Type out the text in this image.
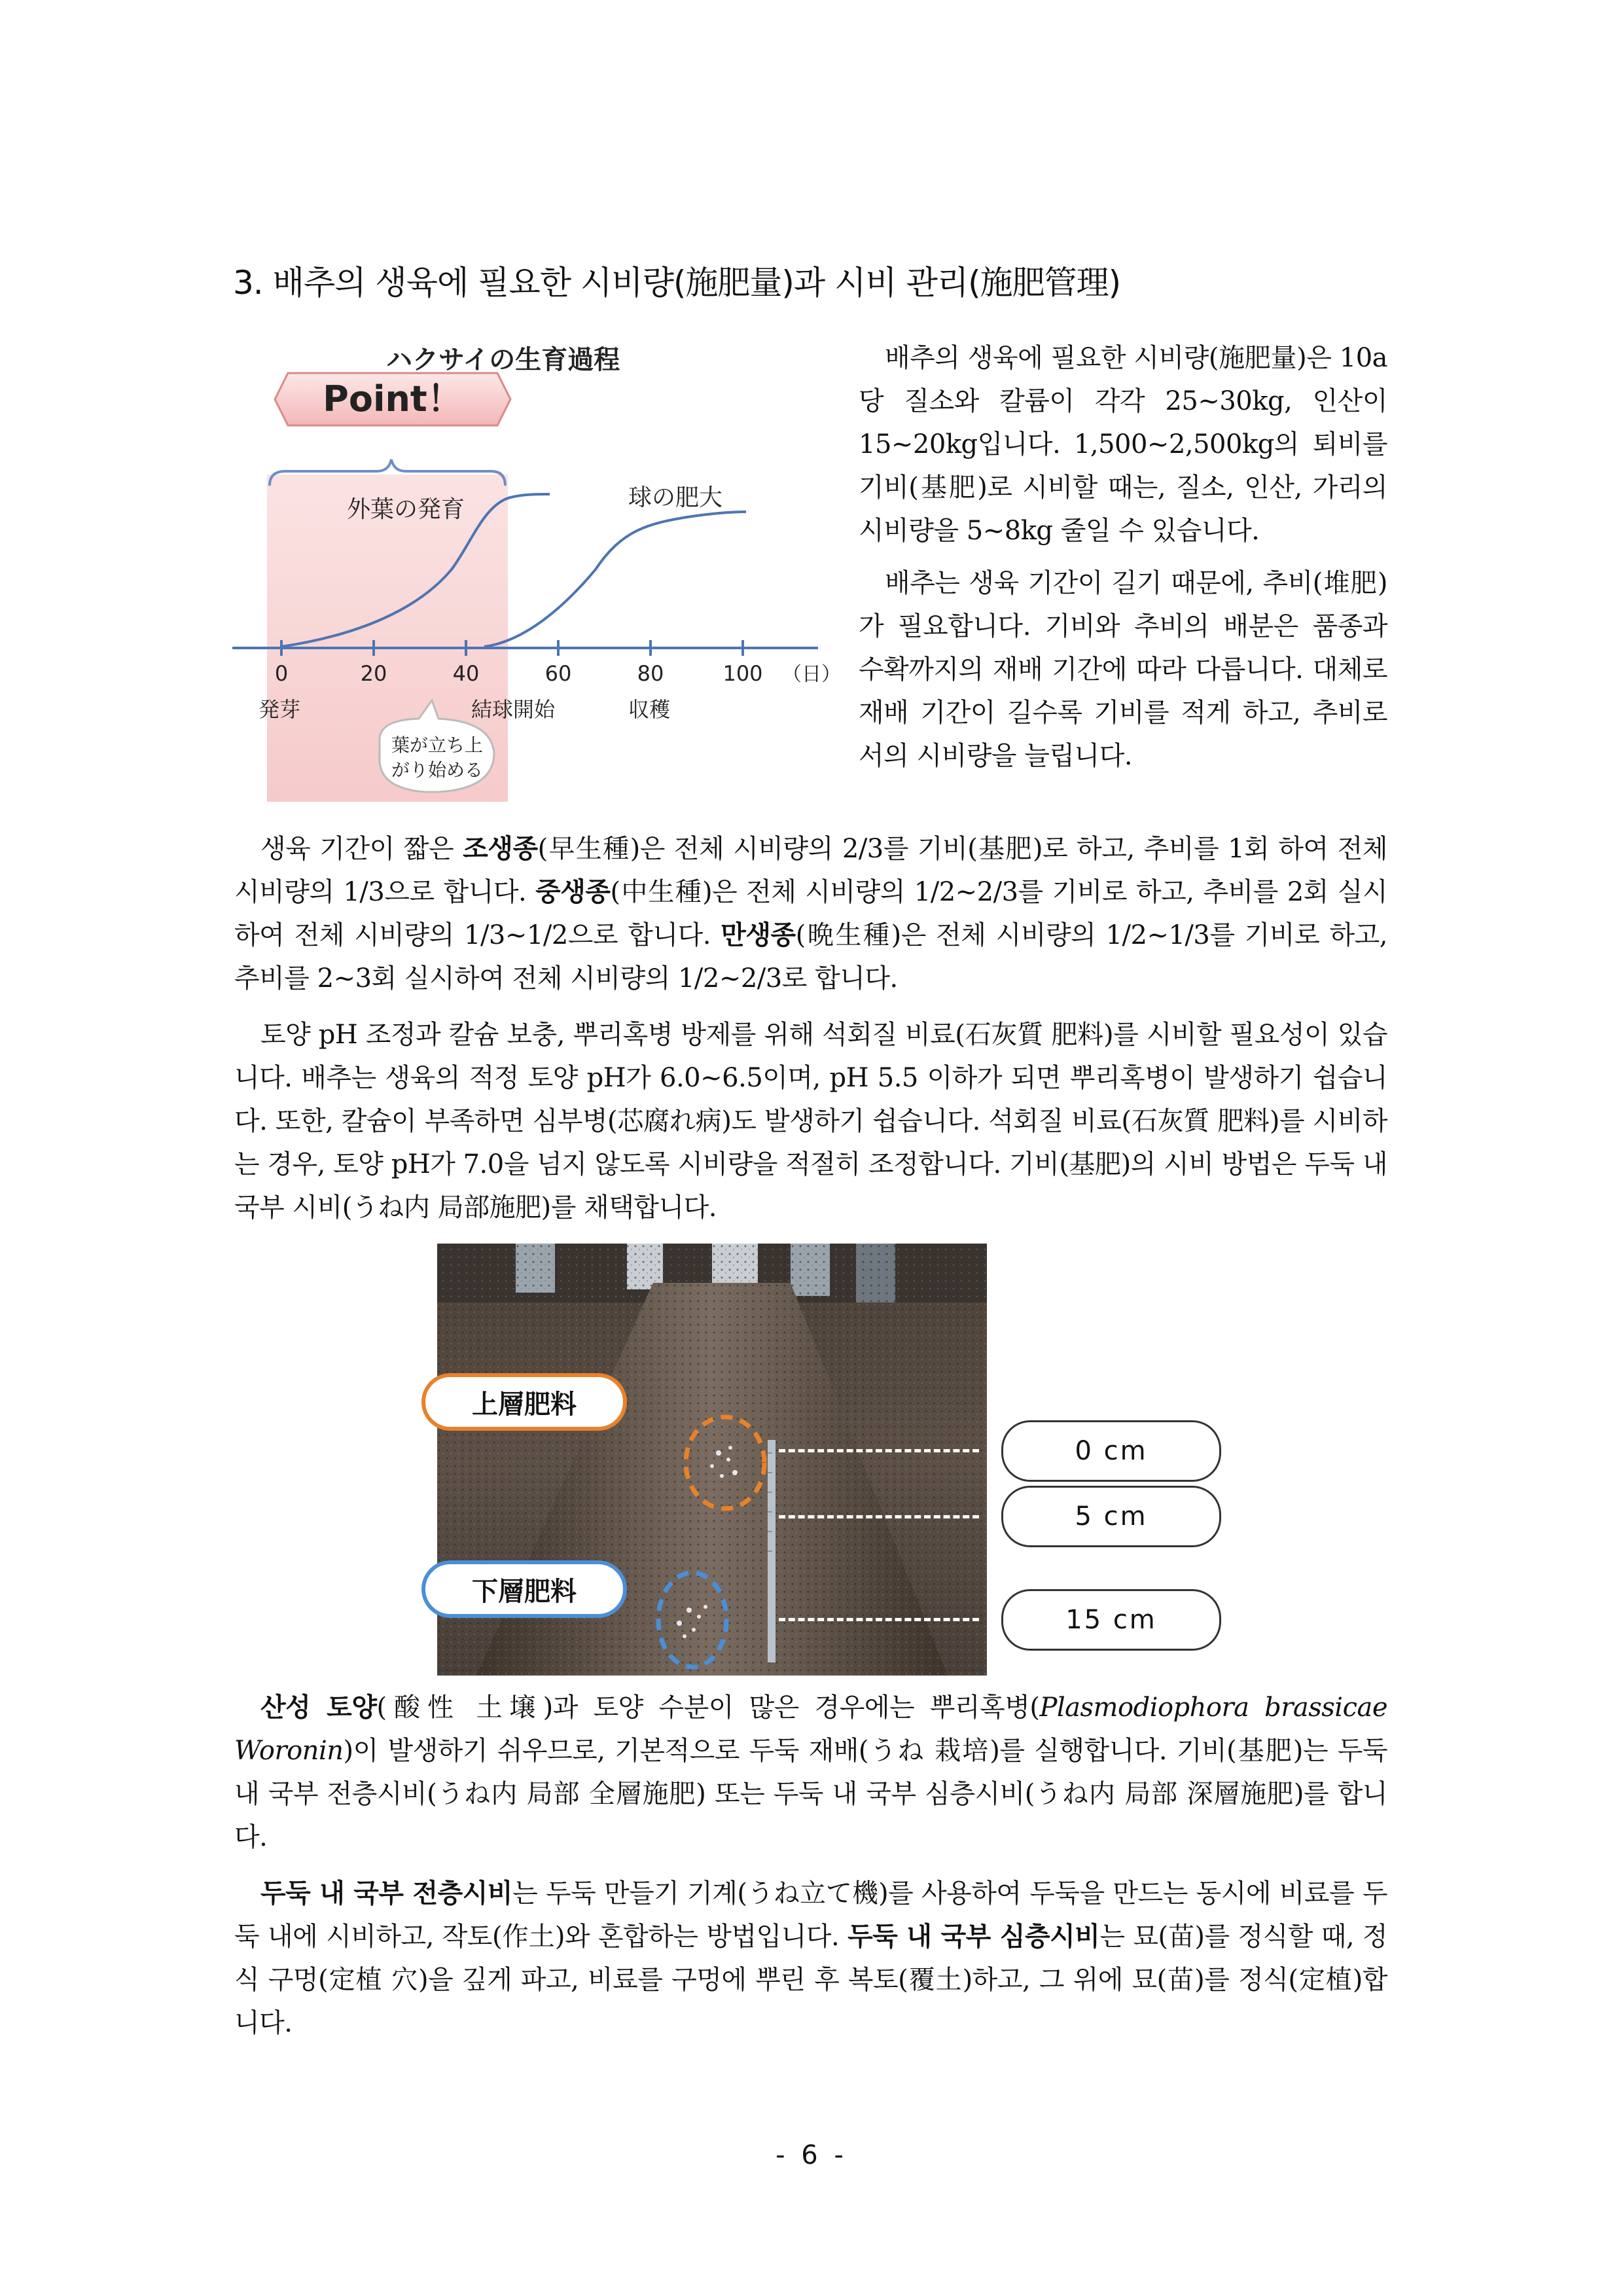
3. 배추의 생육에 필요한 시비량(施肥量)과 시비 관리(施肥管理)
Point！
外葉の発育	球の肥大
0	20	40	60	80	100 （日）
発芽	結球開始	収穫
葉が立ち上
がり始める
ハクサイの生育過程	배추의 생육에 필요한 시비량(施肥量)은 10a당 질소와 칼륨이 각각 25~30kg, 인산이 15~20kg입니다. 1,500~2,500kg의 퇴비를 기비(基肥)로 시비할 때는, 질소, 인산, 가리의 시비량을 5~8kg 줄일 수 있습니다.

배추는 생육 기간이 길기 때문에, 추비(堆肥)가 필요합니다. 기비와 추비의 배분은 품종과 수확까지의 재배 기간에 따라 다릅니다. 대체로 재배 기간이 길수록 기비를 적게 하고, 추비로서의 시비량을 늘립니다.

생육 기간이 짧은 조생종(早生種)은 전체 시비량의 2/3를 기비(基肥)로 하고, 추비를 1회 하여 전체 시비량의 1/3으로 합니다. 중생종(中生種)은 전체 시비량의 1/2~2/3를 기비로 하고, 추비를 2회 실시하여 전체 시비량의 1/3~1/2으로 합니다. 만생종(晩生種)은 전체 시비량의 1/2~1/3를 기비로 하고, 추비를 2~3회 실시하여 전체 시비량의 1/2~2/3로 합니다.

토양 pH 조정과 칼슘 보충, 뿌리혹병 방제를 위해 석회질 비료(石灰質 肥料)를 시비할 필요성이 있습니다. 배추는 생육의 적정 토양 pH가 6.0~6.5이며, pH 5.5 이하가 되면 뿌리혹병이 발생하기 쉽습니다. 또한, 칼슘이 부족하면 심부병(芯腐れ病)도 발생하기 쉽습니다. 석회질 비료(石灰質 肥料)를 시비하는 경우, 토양 pH가 7.0을 넘지 않도록 시비량을 적절히 조정합니다. 기비(基肥)의 시비 방법은 두둑 내 국부 시비(うね内 局部施肥)를 채택합니다.

上層肥料
下層肥料
0 cm
5 cm
15 cm

산성 토양(酸性 土壌)과 토양 수분이 많은 경우에는 뿌리혹병(Plasmodiophora brassicae Woronin)이 발생하기 쉬우므로, 기본적으로 두둑 재배(うね 栽培)를 실행합니다. 기비(基肥)는 두둑 내 국부 전층시비(うね内 局部 全層施肥) 또는 두둑 내 국부 심층시비(うね内 局部 深層施肥)를 합니다.

두둑 내 국부 전층시비는 두둑 만들기 기계(うね立て機)를 사용하여 두둑을 만드는 동시에 비료를 두둑 내에 시비하고, 작토(作土)와 혼합하는 방법입니다. 두둑 내 국부 심층시비는 묘(苗)를 정식할 때, 정식 구멍(定植 穴)을 깊게 파고, 비료를 구멍에 뿌린 후 복토(覆土)하고, 그 위에 묘(苗)를 정식(定植)합니다.

- 6 -
